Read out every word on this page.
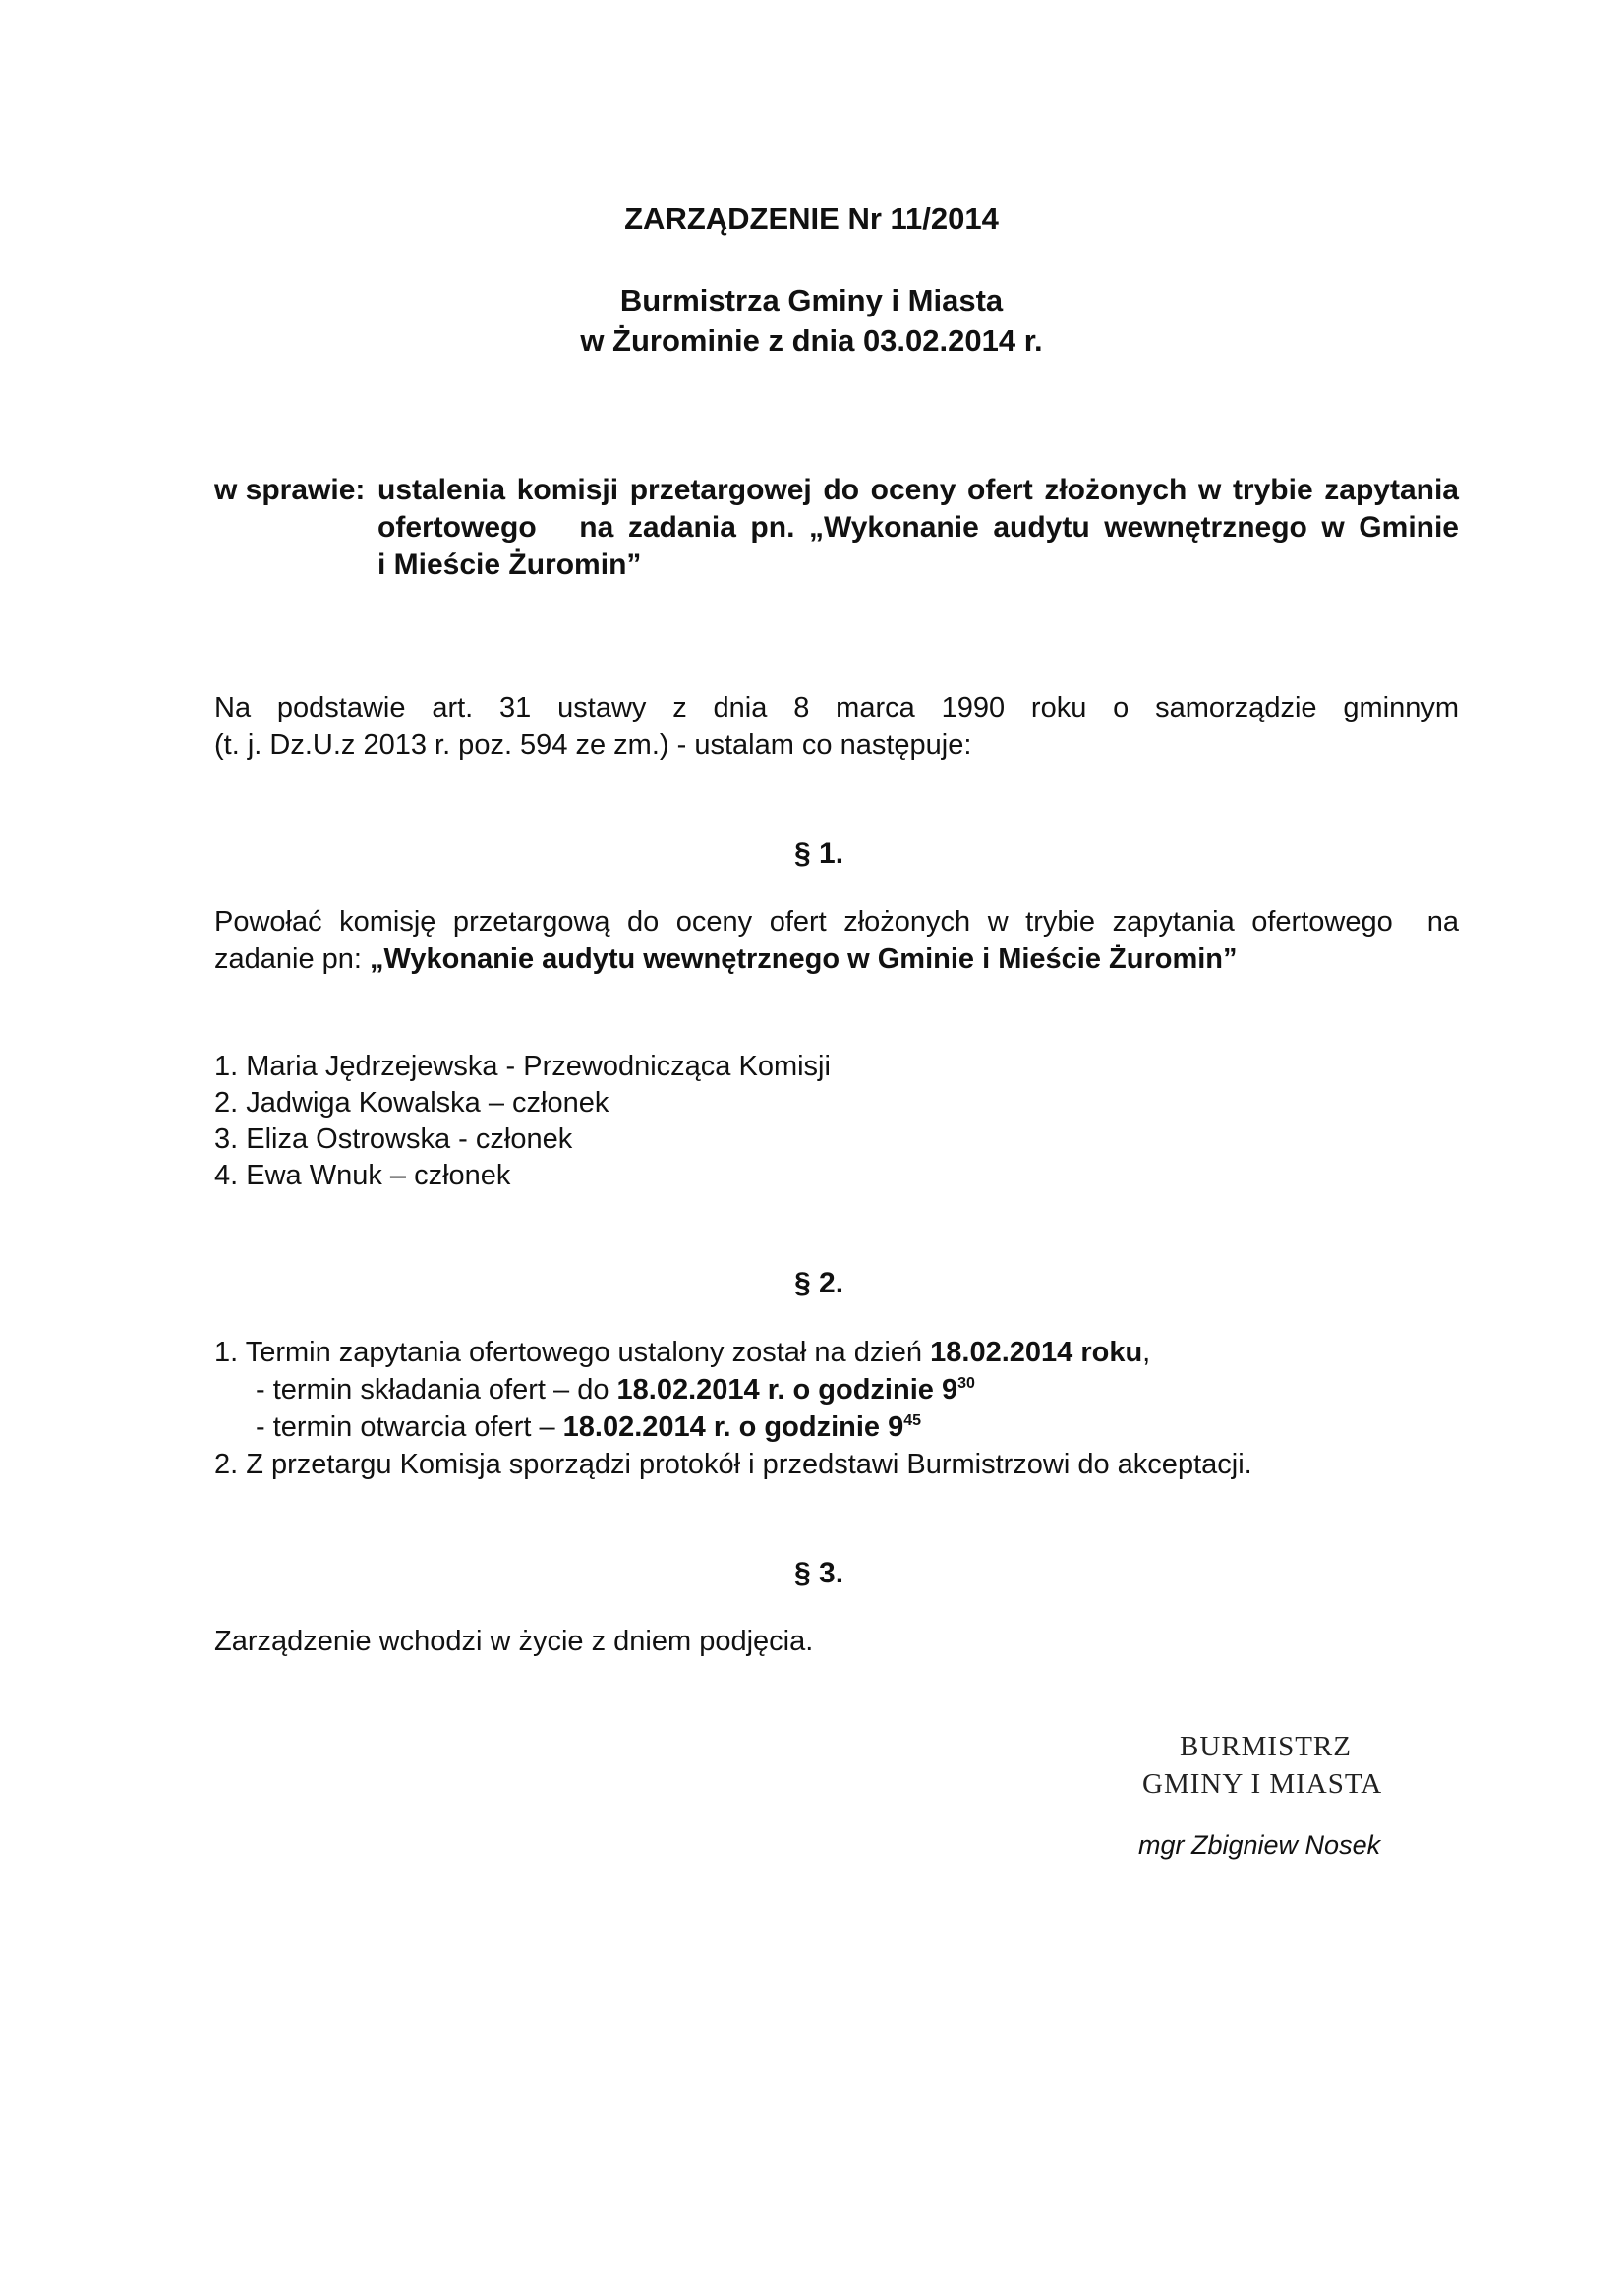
ZARZĄDZENIE Nr 11/2014
Burmistrza Gminy i Miasta
w Żurominie z dnia 03.02.2014 r.
w sprawie: ustalenia komisji przetargowej do oceny ofert złożonych w trybie zapytania
ofertowego   na zadania pn. „Wykonanie audytu wewnętrznego w Gminie
i Mieście Żuromin”
Na podstawie art. 31 ustawy z dnia 8 marca 1990 roku o samorządzie gminnym
(t. j. Dz.U.z 2013 r. poz. 594 ze zm.) - ustalam co następuje:
§ 1.
Powołać komisję przetargową do oceny ofert złożonych w trybie zapytania ofertowego  na
zadanie pn: „Wykonanie audytu wewnętrznego w Gminie i Mieście Żuromin”
1. Maria Jędrzejewska - Przewodnicząca Komisji
2. Jadwiga Kowalska – członek
3. Eliza Ostrowska - członek
4. Ewa Wnuk – członek
§ 2.
1. Termin zapytania ofertowego ustalony został na dzień 18.02.2014 roku,
- termin składania ofert – do 18.02.2014 r. o godzinie $9^{30}$
- termin otwarcia ofert – 18.02.2014 r. o godzinie $9^{45}$
2. Z przetargu Komisja sporządzi protokół i przedstawi Burmistrzowi do akceptacji.
§ 3.
Zarządzenie wchodzi w życie z dniem podjęcia.
BURMISTRZ
GMINY I MIASTA
mgr Zbigniew Nosek
